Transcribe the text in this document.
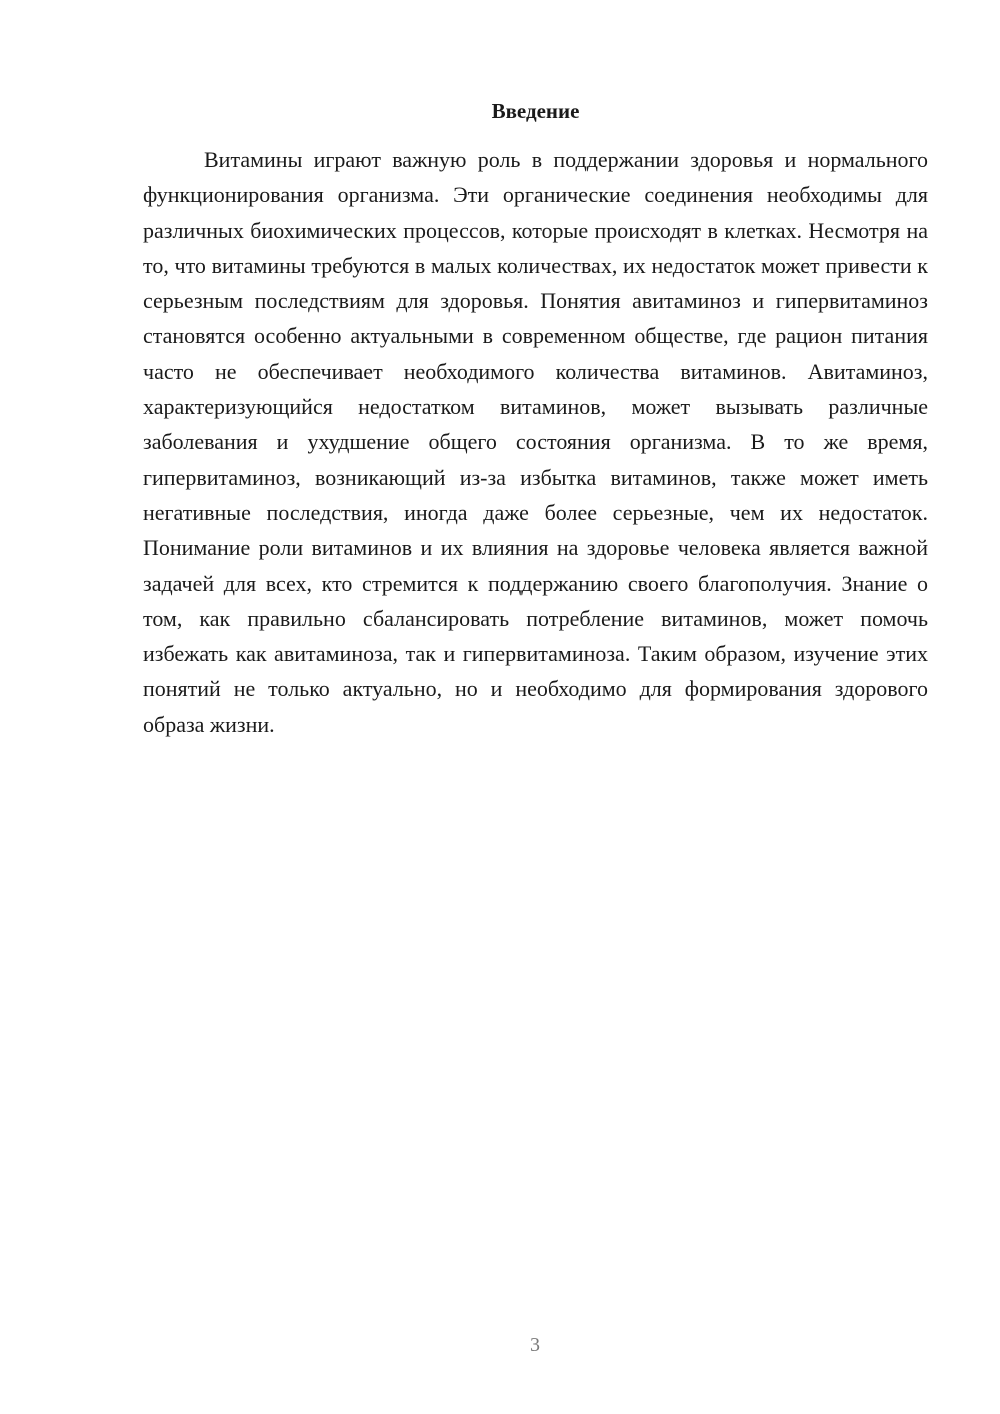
Введение

Витамины играют важную роль в поддержании здоровья и нормального функционирования организма. Эти органические соединения необходимы для различных биохимических процессов, которые происходят в клетках. Несмотря на то, что витамины требуются в малых количествах, их недостаток может привести к серьезным последствиям для здоровья. Понятия авитаминоз и гипервитаминоз становятся особенно актуальными в современном обществе, где рацион питания часто не обеспечивает необходимого количества витаминов. Авитаминоз, характеризующийся недостатком витаминов, может вызывать различные заболевания и ухудшение общего состояния организма. В то же время, гипервитаминоз, возникающий из-за избытка витаминов, также может иметь негативные последствия, иногда даже более серьезные, чем их недостаток. Понимание роли витаминов и их влияния на здоровье человека является важной задачей для всех, кто стремится к поддержанию своего благополучия. Знание о том, как правильно сбалансировать потребление витаминов, может помочь избежать как авитаминоза, так и гипервитаминоза. Таким образом, изучение этих понятий не только актуально, но и необходимо для формирования здорового образа жизни.

3
